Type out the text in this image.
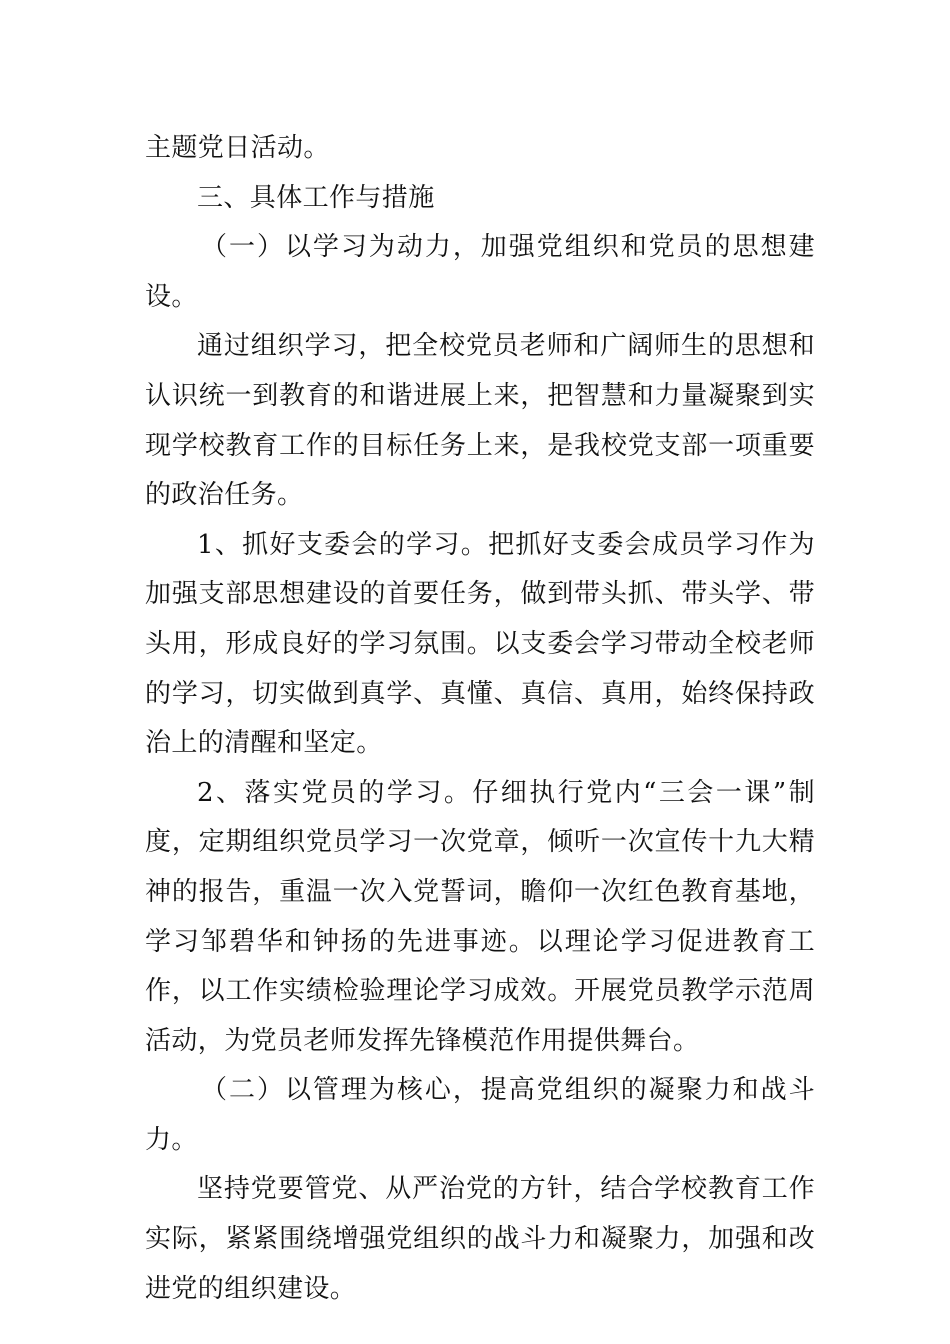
主题党日活动。

三、具体工作与措施

（一）以学习为动力，加强党组织和党员的思想建设。

通过组织学习，把全校党员老师和广阔师生的思想和认识统一到教育的和谐进展上来，把智慧和力量凝聚到实现学校教育工作的目标任务上来，是我校党支部一项重要的政治任务。

1、抓好支委会的学习。把抓好支委会成员学习作为加强支部思想建设的首要任务，做到带头抓、带头学、带头用，形成良好的学习氛围。以支委会学习带动全校老师的学习，切实做到真学、真懂、真信、真用，始终保持政治上的清醒和坚定。

2、落实党员的学习。仔细执行党内“三会一课”制度，定期组织党员学习一次党章，倾听一次宣传十九大精神的报告，重温一次入党誓词，瞻仰一次红色教育基地，学习邹碧华和钟扬的先进事迹。以理论学习促进教育工作，以工作实绩检验理论学习成效。开展党员教学示范周活动，为党员老师发挥先锋模范作用提供舞台。

（二）以管理为核心，提高党组织的凝聚力和战斗力。

坚持党要管党、从严治党的方针，结合学校教育工作实际，紧紧围绕增强党组织的战斗力和凝聚力，加强和改进党的组织建设。
